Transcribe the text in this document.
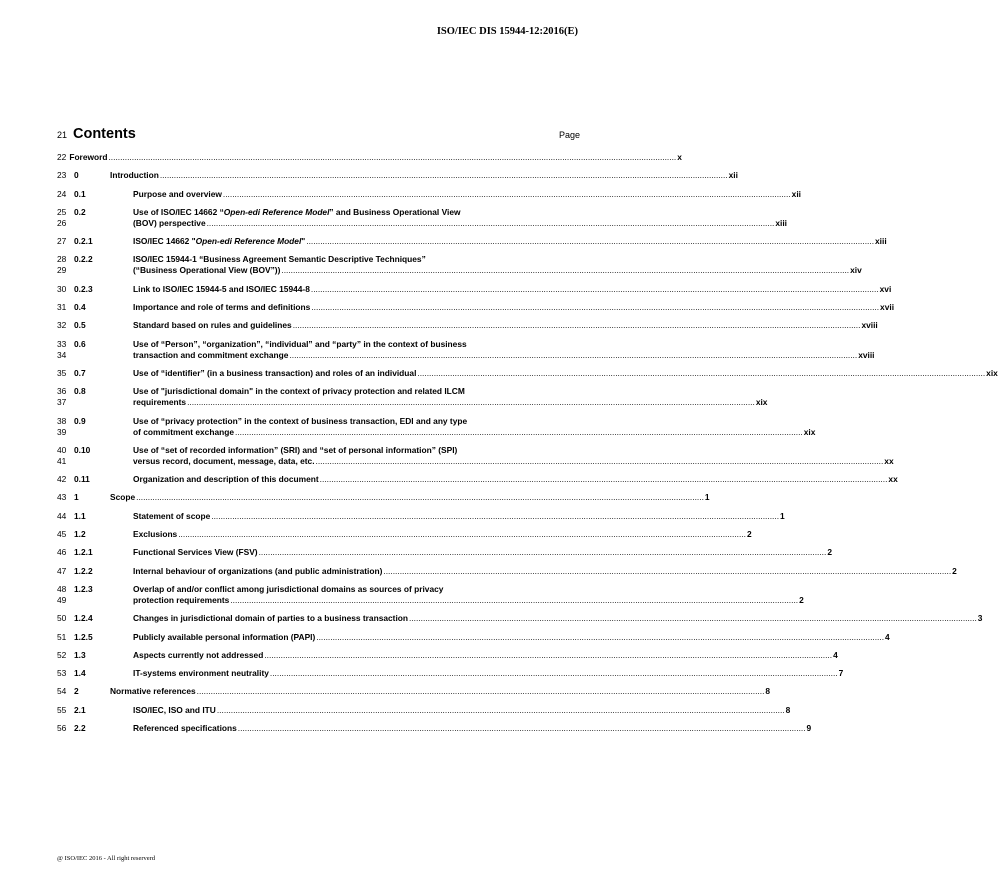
ISO/IEC DIS 15944-12:2016(E)
21 Contents	Page
22 Foreword .....	x
23 0	Introduction .....	xii
24 0.1	Purpose and overview .....	xii
25
26
0.2	Use of ISO/IEC 14662 “Open-edi Reference Model” and Business Operational View
(BOV) perspective .....	xiii
27 0.2.1	ISO/IEC 14662 "Open-edi Reference Model" .....	xiii
28
29
0.2.2	ISO/IEC 15944-1 “Business Agreement Semantic Descriptive Techniques”
(“Business Operational View (BOV”)) .....	xiv
30 0.2.3	Link to ISO/IEC 15944-5 and ISO/IEC 15944-8 .....	xvi
31 0.4	Importance and role of terms and definitions .....	xvii
32 0.5	Standard based on rules and guidelines .....	xviii
33
34
0.6	Use of “Person”, “organization”, “individual” and “party” in the context of business
transaction and commitment exchange .....	xviii
35 0.7	Use of “identifier” (in a business transaction) and roles of an individual .....	xix
36
37
0.8	Use of "jurisdictional domain" in the context of privacy protection and related ILCM
requirements .....	xix
38
39
0.9	Use of “privacy protection” in the context of business transaction, EDI and any type
of commitment exchange .....	xix
40
41
0.10	Use of “set of recorded information” (SRI) and “set of personal information” (SPI)
versus record, document, message, data, etc. .....	xx
42 0.11	Organization and description of this document .....	xx
43 1	Scope .....	1
44 1.1	Statement of scope .....	1
45 1.2	Exclusions .....	2
46 1.2.1	Functional Services View (FSV) .....	2
47 1.2.2	Internal behaviour of organizations (and public administration) .....	2
48
49
1.2.3	Overlap of and/or conflict among jurisdictional domains as sources of privacy
protection requirements .....	2
50 1.2.4	Changes in jurisdictional domain of parties to a business transaction .....	3
51 1.2.5	Publicly available personal information (PAPI) .....	4
52 1.3	Aspects currently not addressed .....	4
53 1.4	IT-systems environment neutrality .....	7
54 2	Normative references .....	8
55 2.1	ISO/IEC, ISO and ITU .....	8
56 2.2	Referenced specifications .....	9
@ ISO/IEC 2016 - All right reserverd
